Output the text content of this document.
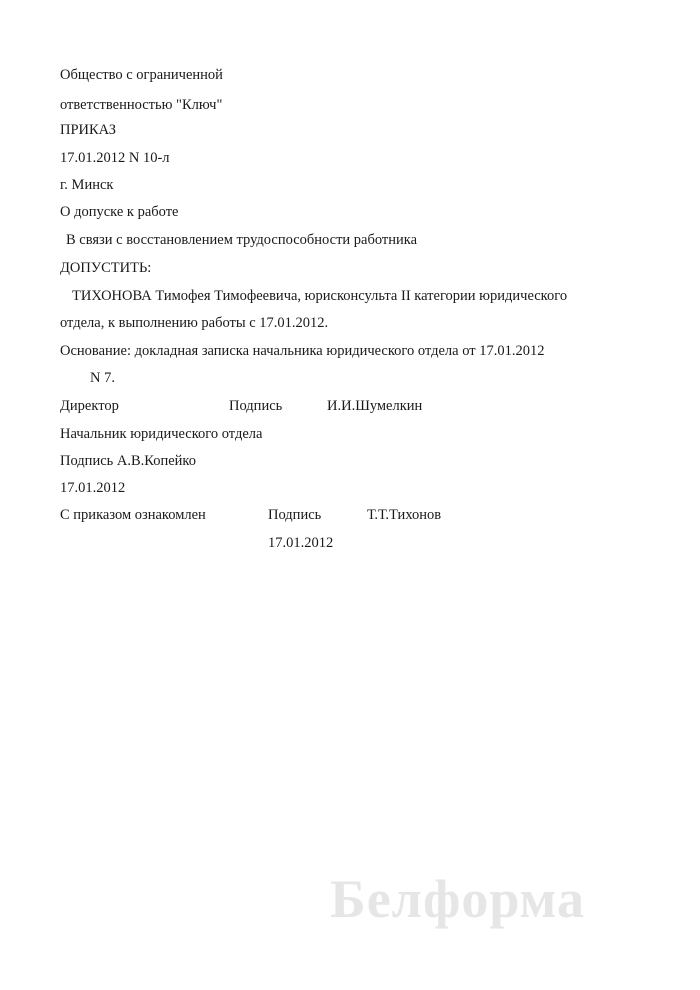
Общество с ограниченной
ответственностью "Ключ"
ПРИКАЗ
17.01.2012 N 10-л
г. Минск
О допуске к работе
В связи с восстановлением трудоспособности работника
ДОПУСТИТЬ:
ТИХОНОВА Тимофея Тимофеевича, юрисконсульта II категории юридического
отдела, к выполнению работы с 17.01.2012.
Основание: докладная записка начальника юридического отдела от 17.01.2012
N 7.
Директор	Подпись	И.И.Шумелкин
Начальник юридического отдела
Подпись А.В.Копейко
17.01.2012
С приказом ознакомлен	Подпись	Т.Т.Тихонов
17.01.2012
Белформа
